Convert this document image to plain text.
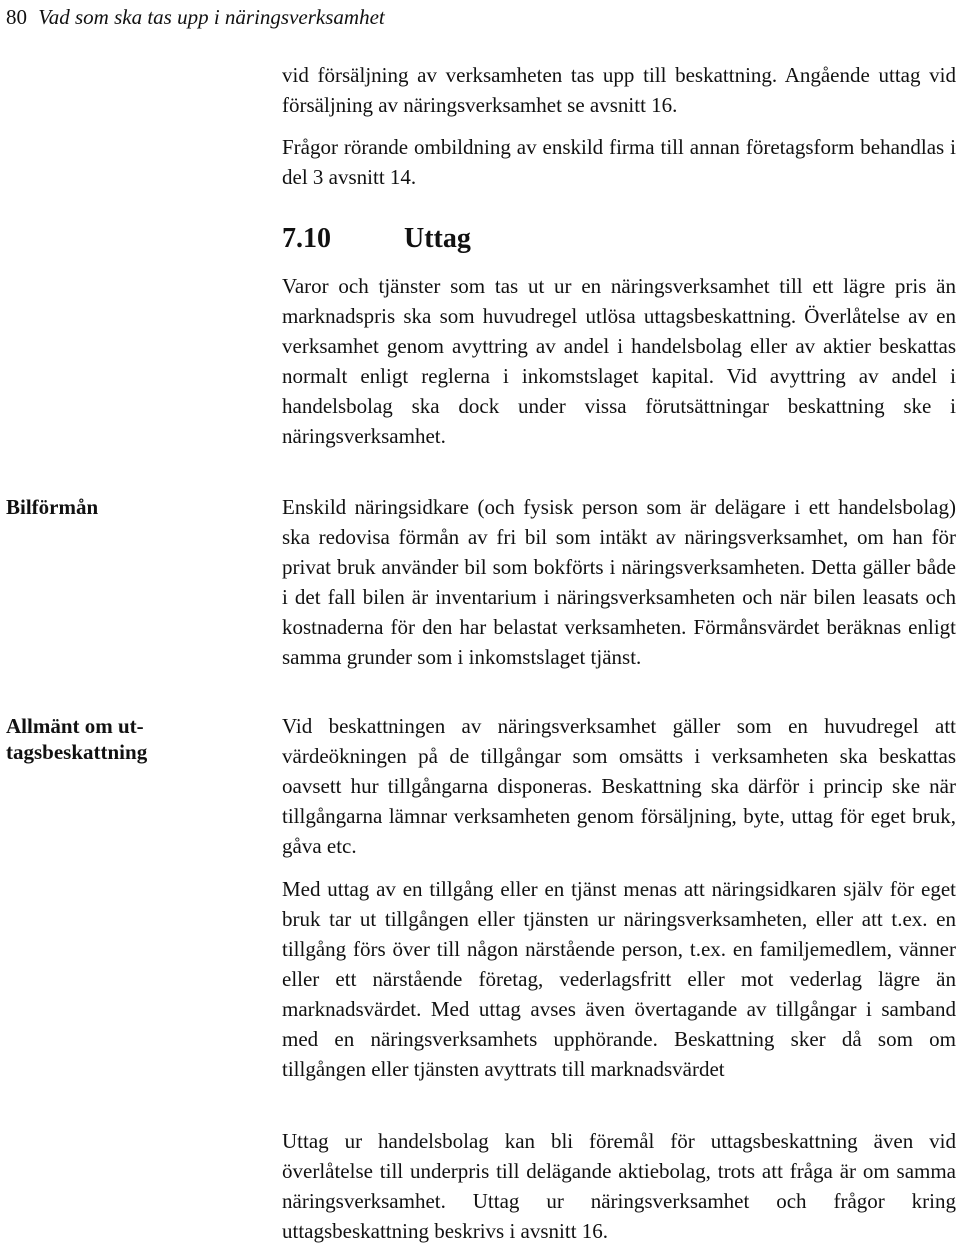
80 Vad som ska tas upp i näringsverksamhet

vid försäljning av verksamheten tas upp till beskattning. Angående uttag vid försäljning av näringsverksamhet se avsnitt 16.

Frågor rörande ombildning av enskild firma till annan företagsform behandlas i del 3 avsnitt 14.

7.10	Uttag

Varor och tjänster som tas ut ur en näringsverksamhet till ett lägre pris än marknadspris ska som huvudregel utlösa uttagsbeskattning. Överlåtelse av en verksamhet genom avyttring av andel i handelsbolag eller av aktier beskattas normalt enligt reglerna i inkomstslaget kapital. Vid avyttring av andel i handelsbolag ska dock under vissa förutsättningar beskattning ske i näringsverksamhet.

Bilförmån	Enskild näringsidkare (och fysisk person som är delägare i ett handelsbolag) ska redovisa förmån av fri bil som intäkt av näringsverksamhet, om han för privat bruk använder bil som bokförts i näringsverksamheten. Detta gäller både i det fall bilen är inventarium i näringsverksamheten och när bilen leasats och kostnaderna för den har belastat verksamheten. Förmånsvärdet beräknas enligt samma grunder som i inkomstslaget tjänst.

Allmänt om ut-
tagsbeskattning

Vid beskattningen av näringsverksamhet gäller som en huvudregel att värdeökningen på de tillgångar som omsätts i verksamheten ska beskattas oavsett hur tillgångarna disponeras. Beskattning ska därför i princip ske när tillgångarna lämnar verksamheten genom försäljning, byte, uttag för eget bruk, gåva etc.

Med uttag av en tillgång eller en tjänst menas att näringsidkaren själv för eget bruk tar ut tillgången eller tjänsten ur näringsverksamheten, eller att t.ex. en tillgång förs över till någon närstående person, t.ex. en familjemedlem, vänner eller ett närstående företag, vederlagsfritt eller mot vederlag lägre än marknadsvärdet. Med uttag avses även övertagande av tillgångar i samband med en näringsverksamhets upphörande. Beskattning sker då som om tillgången eller tjänsten avyttrats till marknadsvärdet

Uttag ur handelsbolag kan bli föremål för uttagsbeskattning även vid överlåtelse till underpris till delägande aktiebolag, trots att fråga är om samma näringsverksamhet. Uttag ur näringsverksamhet och frågor kring uttagsbeskattning beskrivs i avsnitt 16.
